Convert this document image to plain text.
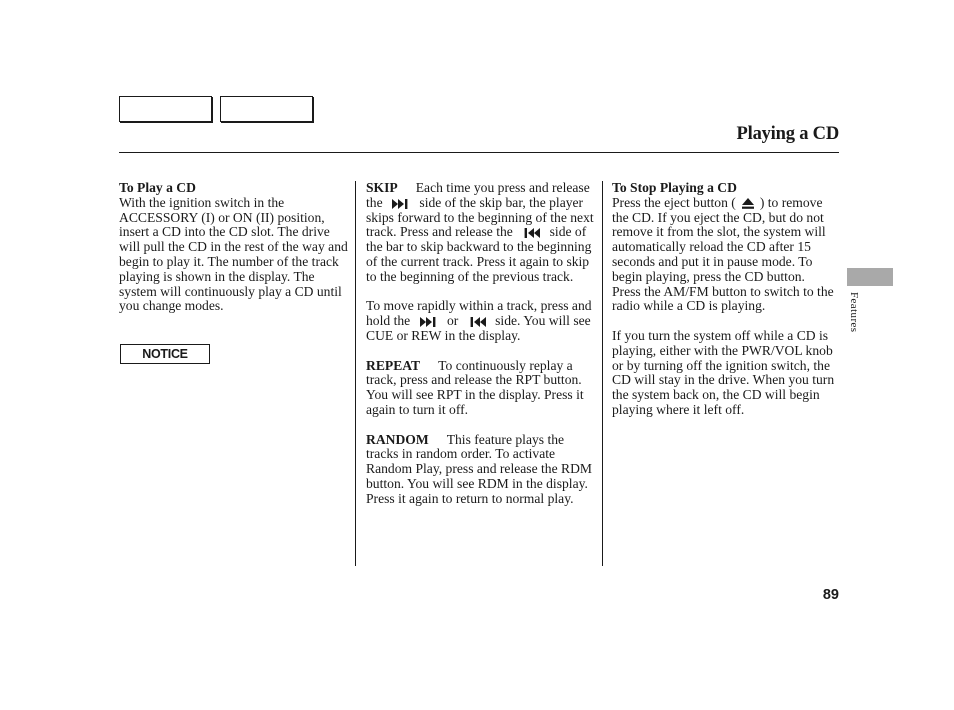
Playing a CD

To Play a CD
With the ignition switch in the ACCESSORY (I) or ON (II) position, insert a CD into the CD slot. The drive will pull the CD in the rest of the way and begin to play it. The number of the track playing is shown in the display. The system will continuously play a CD until you change modes.

NOTICE

SKIP Each time you press and release the	side of the skip bar, the player skips forward to the beginning of the next track. Press and release the	side of the bar to skip backward to the beginning of the current track. Press it again to skip to the beginning of the previous track.

To move rapidly within a track, press and hold the	or	side. You will see CUE or REW in the display.

REPEAT To continuously replay a track, press and release the RPT button. You will see RPT in the display. Press it again to turn it off.

RANDOM This feature plays the tracks in random order. To activate Random Play, press and release the RDM button. You will see RDM in the display. Press it again to return to normal play.

To Stop Playing a CD
Press the eject button ( ) to remove the CD. If you eject the CD, but do not remove it from the slot, the system will automatically reload the CD after 15 seconds and put it in pause mode. To begin playing, press the CD button.
Press the AM/FM button to switch to the radio while a CD is playing.

If you turn the system off while a CD is playing, either with the PWR/VOL knob or by turning off the ignition switch, the CD will stay in the drive. When you turn the system back on, the CD will begin playing where it left off.

Features
89
